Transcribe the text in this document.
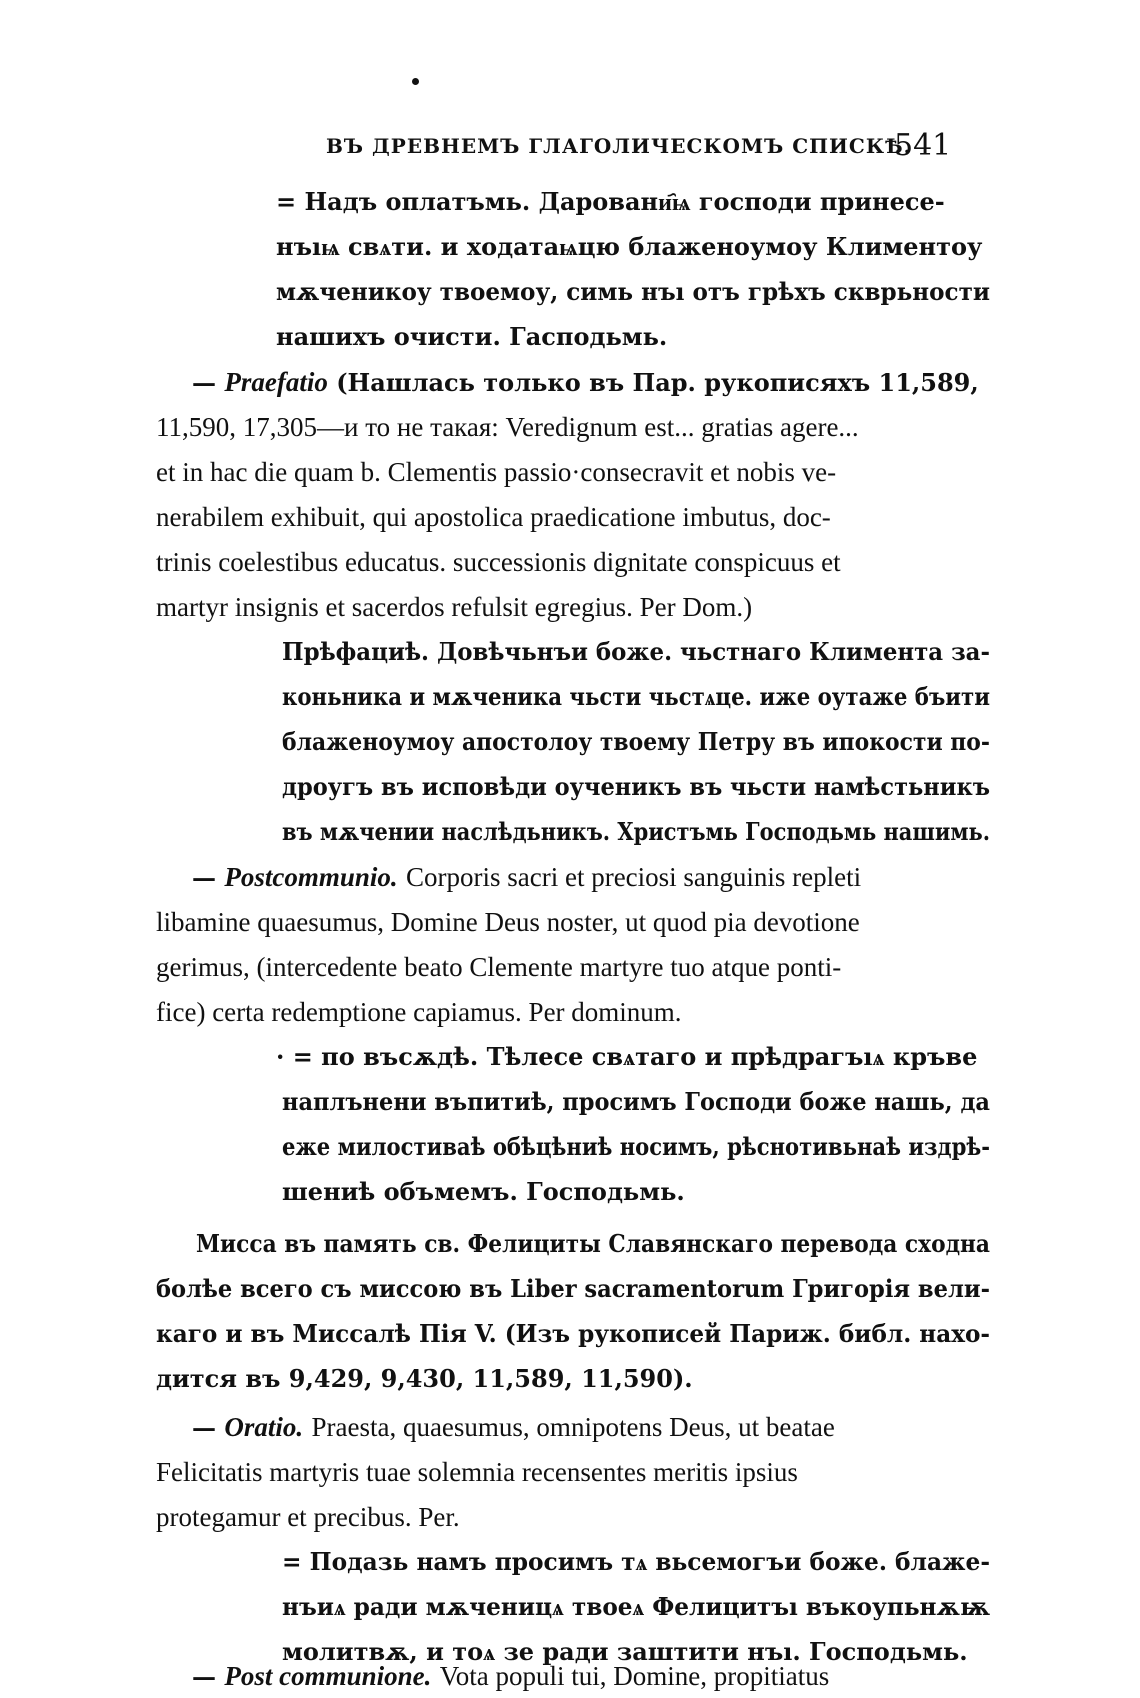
ВЪ ДРЕВНЕМЪ ГЛАГОЛИЧЕСКОМЪ СПИСКѢ.
541
= Надъ оплатъмь. Даровани҄ѩ господи принесе-
нъıѩ свѧти. и ходатаѩцю блаженоумоу Климентоу
мѫченикоу твоемоу, симь нъı отъ грѣхъ скврьности
нашихъ очисти. Гаcподьмь.
— Praefatio (Нашлась только въ Пар. рукописяхъ 11,589,
11,590, 17,305—и то не такая: Veredignum est... gratias agere...
et in hac die quam b. Clementis passio·consecravit et nobis ve-
nerabilem exhibuit, qui apostolica praedicatione imbutus, doc-
trinis coelestibus educatus. successionis dignitate conspicuus et
martyr insignis et sacerdos refulsit egregius. Per Dom.)
Прѣфациѣ. Довѣчьнъи боже. чьстнаго Климента за-
коньника и мѫченика чьсти чьстѧце. иже оутаже бъити
блаженоумоу апостолоу твоему Петру въ ипокости по-
дроугъ въ исповѣди оученикъ въ чьсти намѣстьникъ
въ мѫчении наслѣдьникъ. Христъмь Господьмь нашимь.
— Postcommunio. Corporis sacri et preciosi sanguinis repleti
libamine quaesumus, Domine Deus noster, ut quod pia devotione
gerimus, (intercedente beato Clemente martyre tuo atque ponti-
fice) certa redemptione capiamus. Per dominum.
· = по въсѫдѣ. Тѣлесе свѧтаго и прѣдрагъıѧ кръве
наплънени въпитиѣ, просимъ Господи боже нашь, да
еже милостиваѣ обѣцѣниѣ носимъ, рѣснотивьнаѣ издрѣ-
шениѣ объмемъ. Господьмь.
Мисса въ память св. Фелициты Славянскаго перевода сходна
болѣе всего съ миссою въ Liber sacramentorum Григорія вели-
каго и въ Миссалѣ Пія V. (Изъ рукописей Париж. библ. нахо-
дится въ 9,429, 9,430, 11,589, 11,590).
— Oratio. Praesta, quaesumus, omnipotens Deus, ut beatae
Felicitatis martyris tuae solemnia recensentes meritis ipsius
protegamur et precibus. Per.
= Подазь намъ просимъ тѧ вьсемогъи боже. блаже-
нъиѧ ради мѫченицѧ твоеѧ Фелицитъı въкоупьнѫѭ
молитвѫ, и тоѧ зе ради заштити нъı. Господьмь.
— Post communione. Vota populi tui, Domine, propitiatus
